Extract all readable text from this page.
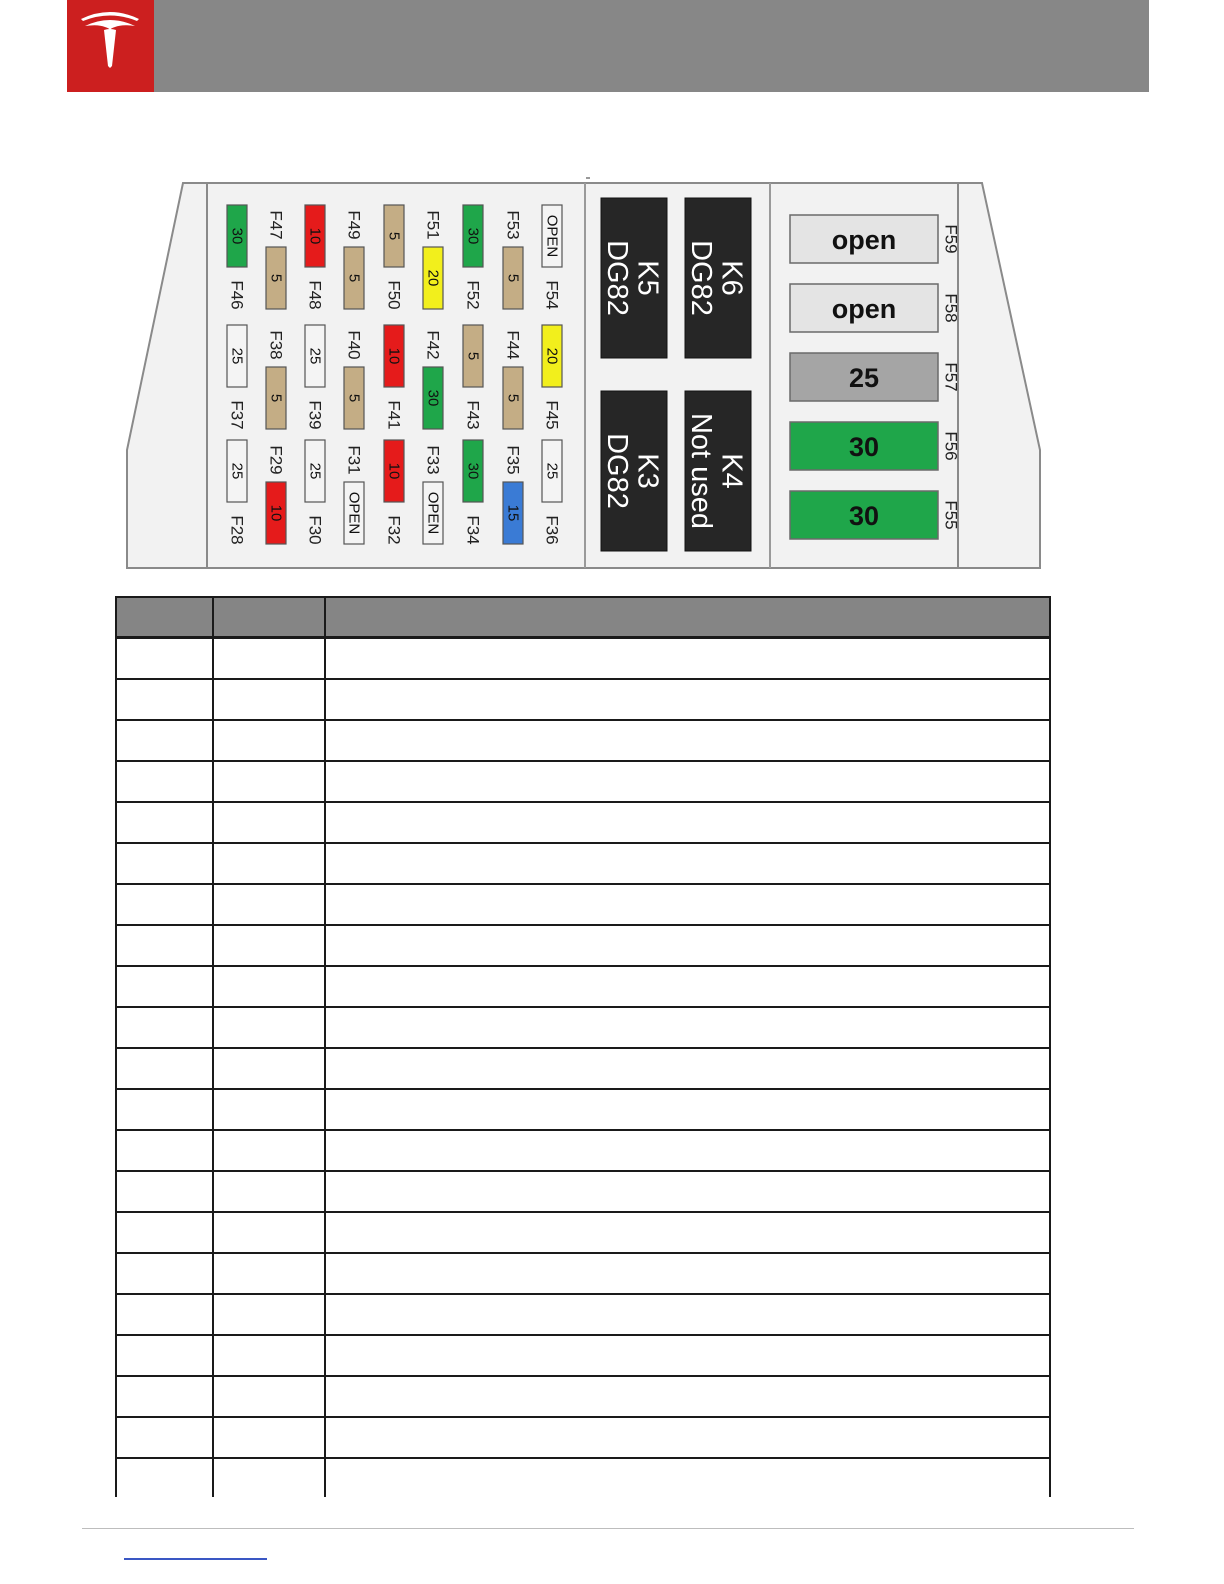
30
F46
5
F47 10
F48
5
F49 5
F50
20
F51 30
F52
5
F53 OPEN
F54
25
F37
5
F38 25
F39
5
F40 10
F41
30
F42 5
F43
5
F44 20
F45
25
F28
10
F29 25
F30 OPEN
F31 10
F32 OPEN
F33 30
F34
15
F35 25
F36
K5DG82	K6DG82
K3DG82	K4Not used
open	F59
open	F58
25	F57
30	F56
30	F55
